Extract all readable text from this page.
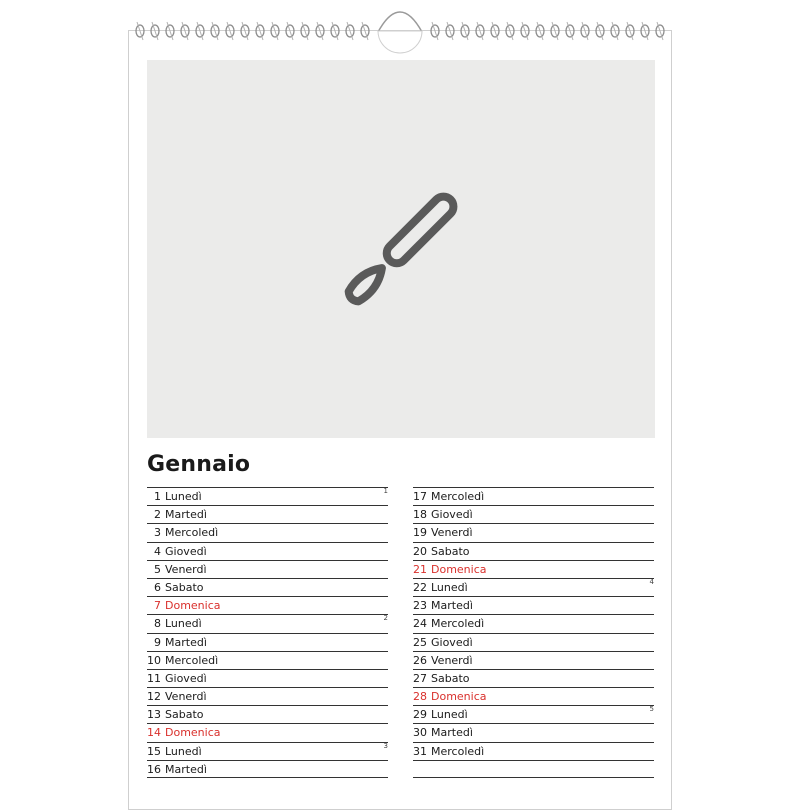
Gennaio
1 Lunedì	1
2 Martedì
3 Mercoledì
4 Giovedì
5 Venerdì
6 Sabato
7 Domenica
8 Lunedì	2
9 Martedì
10 Mercoledì
11 Giovedì
12 Venerdì
13 Sabato
14 Domenica
15 Lunedì	3
16 Martedì
17 Mercoledì
18 Giovedì
19 Venerdì
20 Sabato
21 Domenica
22 Lunedì	4
23 Martedì
24 Mercoledì
25 Giovedì
26 Venerdì
27 Sabato
28 Domenica
29 Lunedì	5
30 Martedì
31 Mercoledì
